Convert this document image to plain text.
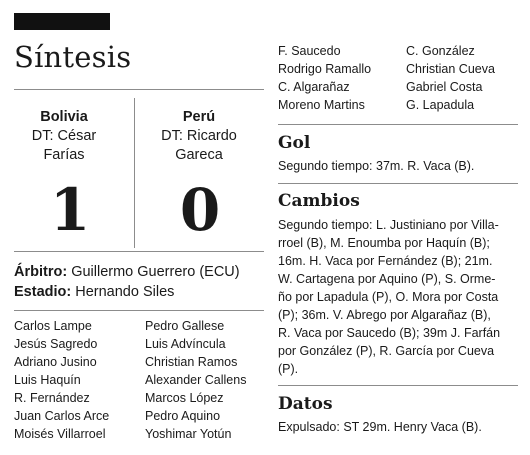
Síntesis
Bolivia
DT: César
Farías
Perú
DT: Ricardo
Gareca
1	0
Árbitro: Guillermo Guerrero (ECU)
Estadio: Hernando Siles
Carlos Lampe
Jesús Sagredo
Adriano Jusino
Luis Haquín
R. Fernández
Juan Carlos Arce
Moisés Villarroel
Pedro Gallese
Luis Advíncula
Christian Ramos
Alexander Callens
Marcos López
Pedro Aquino
Yoshimar Yotún
F. Saucedo
Rodrigo Ramallo
C. Algarañaz
Moreno Martins
C. González
Christian Cueva
Gabriel Costa
G. Lapadula
Gol
Segundo tiempo: 37m. R. Vaca (B).
Cambios
Segundo tiempo: L. Justiniano por Villa-
rroel (B), M. Enoumba por Haquín (B);
16m. H. Vaca por Fernández (B); 21m.
W. Cartagena por Aquino (P), S. Orme-
ño por Lapadula (P), O. Mora por Costa
(P); 36m. V. Abrego por Algarañaz (B),
R. Vaca por Saucedo (B); 39m J. Farfán
por González (P), R. García por Cueva
(P).
Datos
Expulsado: ST 29m. Henry Vaca (B).
